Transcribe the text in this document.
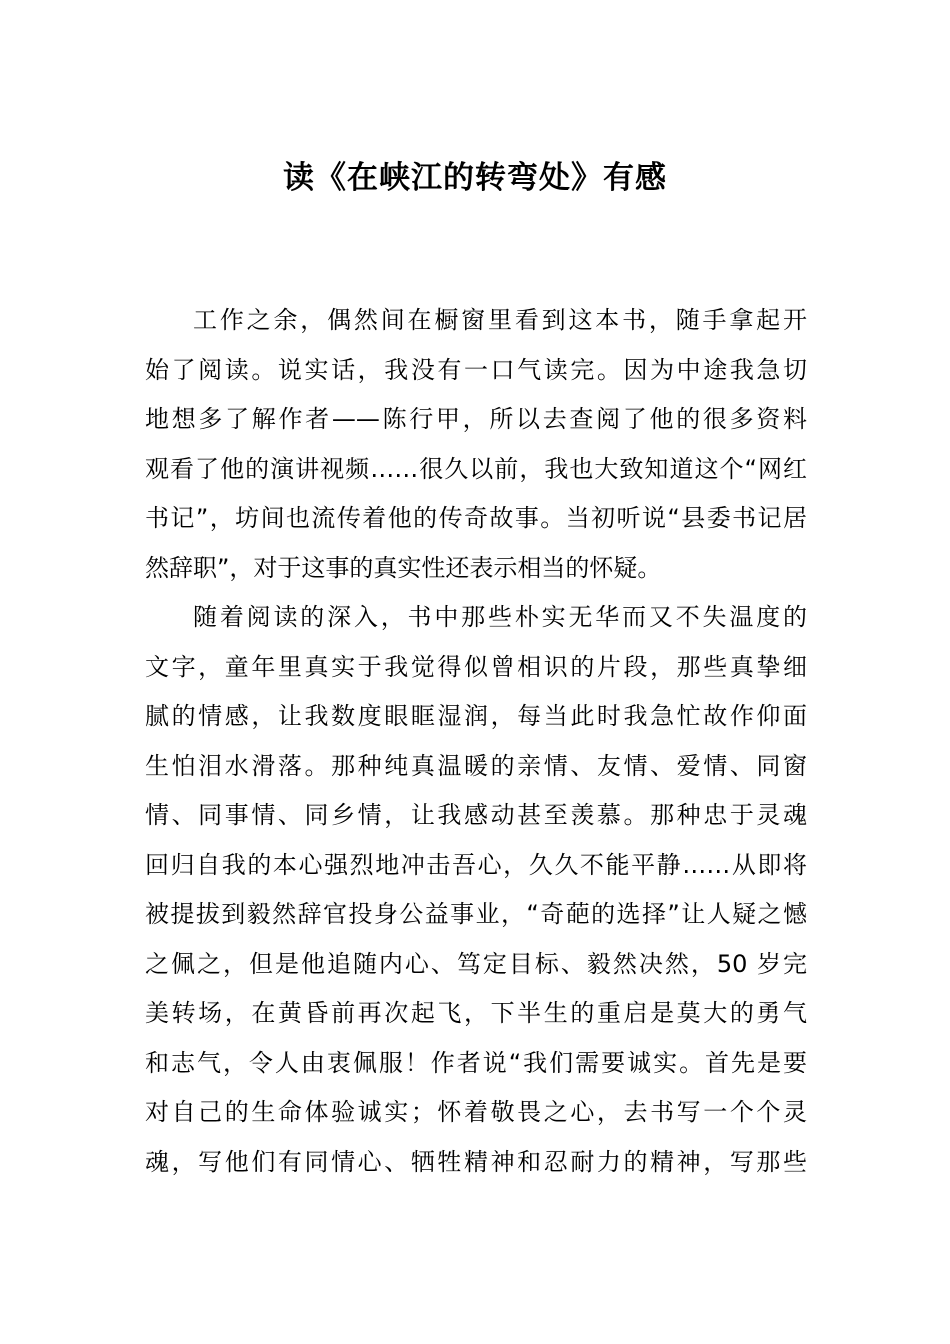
读《在峡江的转弯处》有感
工作之余，偶然间在橱窗里看到这本书，随手拿起开
始了阅读。说实话，我没有一口气读完。因为中途我急切
地想多了解作者——陈行甲，所以去查阅了他的很多资料
观看了他的演讲视频……很久以前，我也大致知道这个“网红
书记”，坊间也流传着他的传奇故事。当初听说“县委书记居
然辞职”，对于这事的真实性还表示相当的怀疑。
随着阅读的深入，书中那些朴实无华而又不失温度的
文字，童年里真实于我觉得似曾相识的片段，那些真挚细
腻的情感，让我数度眼眶湿润，每当此时我急忙故作仰面
生怕泪水滑落。那种纯真温暖的亲情、友情、爱情、同窗
情、同事情、同乡情，让我感动甚至羡慕。那种忠于灵魂
回归自我的本心强烈地冲击吾心，久久不能平静……从即将
被提拔到毅然辞官投身公益事业，“奇葩的选择”让人疑之憾
之佩之，但是他追随内心、笃定目标、毅然决然，50 岁完
美转场，在黄昏前再次起飞，下半生的重启是莫大的勇气
和志气，令人由衷佩服！作者说“我们需要诚实。首先是要
对自己的生命体验诚实；怀着敬畏之心，去书写一个个灵
魂，写他们有同情心、牺牲精神和忍耐力的精神，写那些
